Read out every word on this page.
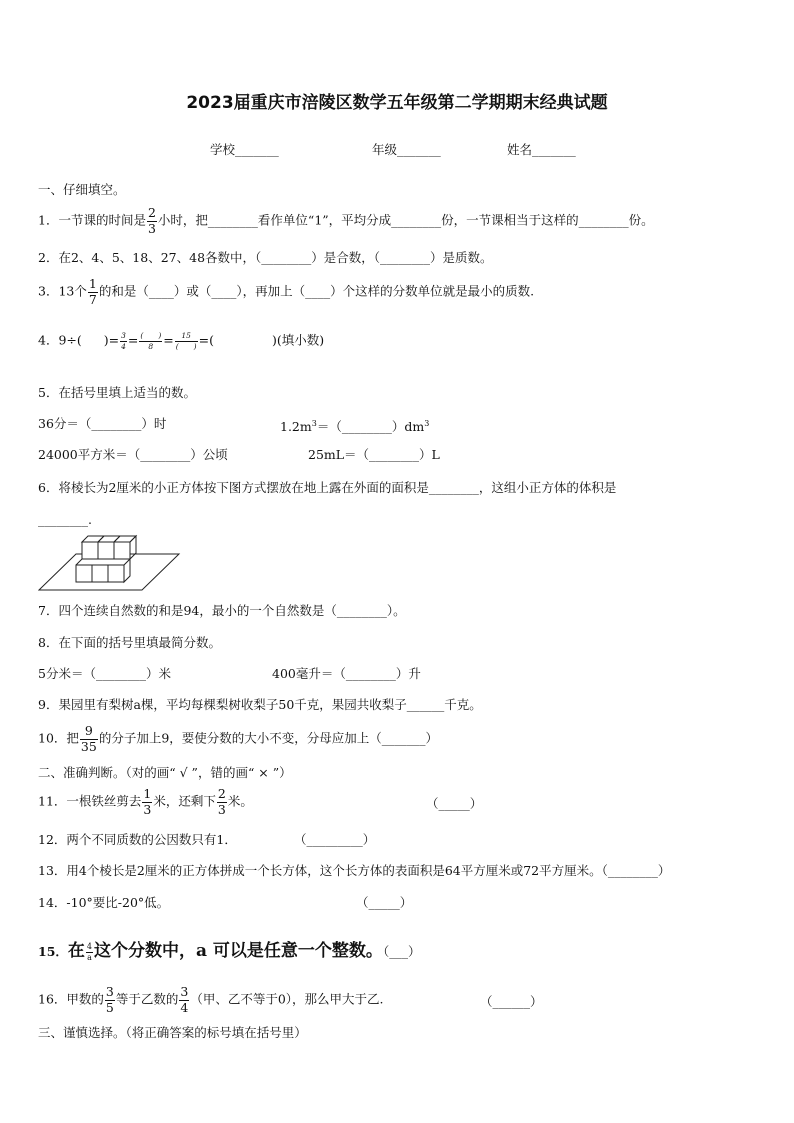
2023届重庆市涪陵区数学五年级第二学期期末经典试题
学校_______	年级_______	姓名_______
一、仔细填空。
1．一节课的时间是 $\frac{2}{3}$ 小时，把________看作单位“1”，平均分成________份，一节课相当于这样的________份。
2．在2、4、5、18、27、48各数中，（________）是合数，（________）是质数。
3．13个 $\frac{1}{7}$ 的和是（____）或（____），再加上（____）个这样的分数单位就是最小的质数.
4．9÷( )= $\frac{3}{4} = \frac{( )}{8} = \frac{15}{( )}$ =(	)(填小数)
5．在括号里填上适当的数。
36分＝（________）时	$1.2m^3=(\_\_\_\_\_\_\_\_)dm^3$
24000平方米＝（________）公顷	25mL＝（________）L
6．将棱长为2厘米的小正方体按下图方式摆放在地上露在外面的面积是________，这组小正方体的体积是
________.
7．四个连续自然数的和是94，最小的一个自然数是（________）。
8．在下面的括号里填最简分数。
5分米＝（________）米	400毫升＝（________）升
9．果园里有梨树a棵，平均每棵梨树收梨子50千克，果园共收梨子______千克。
10．把 $\frac{9}{35}$ 的分子加上9，要使分数的大小不变，分母应加上（_______）
二、准确判断。（对的画“ √ ”，错的画“ × ”）
11．一根铁丝剪去 $\frac{1}{3}$ 米，还剩下 $\frac{2}{3}$ 米。	（_____）
12．两个不同质数的公因数只有1．	（_________）
13．用4个棱长是2厘米的正方体拼成一个长方体，这个长方体的表面积是64平方厘米或72平方厘米。（________）
14．-10°要比-20°低。	（_____）
15．在 $\frac{4}{a}$ 这个分数中，a 可以是任意一个整数。（___）
16．甲数的 $\frac{3}{5}$ 等于乙数的 $\frac{3}{4}$ （甲、乙不等于0），那么甲大于乙.	（______）
三、谨慎选择。（将正确答案的标号填在括号里）
